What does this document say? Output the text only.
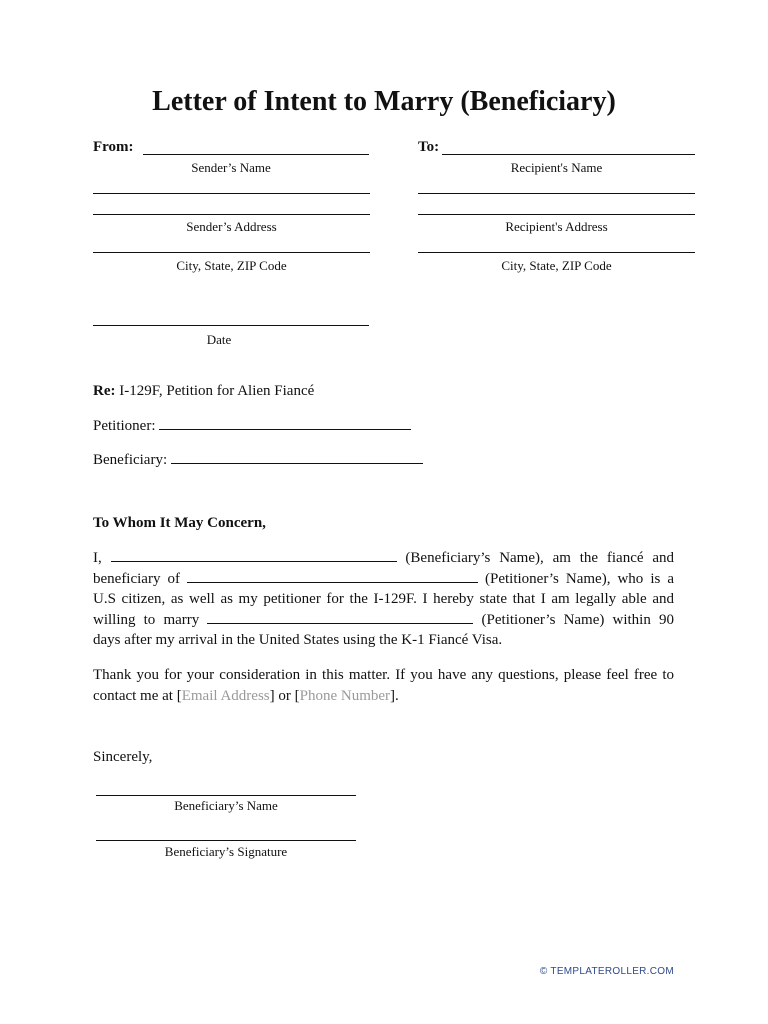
Letter of Intent to Marry (Beneficiary)
From:
Sender’s Name
To:
Recipient's Name
Sender’s Address	Recipient's Address
City, State, ZIP Code	City, State, ZIP Code
Date
Re: I-129F, Petition for Alien Fiancé
Petitioner:
Beneficiary:
To Whom It May Concern,
I,	(Beneficiary’s Name), am the fiancé and beneficiary of	(Petitioner’s Name), who is a U.S citizen, as well as my petitioner for the I-129F. I hereby state that I am legally able and willing to marry	(Petitioner’s Name) within 90 days after my arrival in the United States using the K-1 Fiancé Visa.
Thank you for your consideration in this matter. If you have any questions, please feel free to contact me at [Email Address] or [Phone Number].
Sincerely,
Beneficiary’s Name
Beneficiary’s Signature
© TEMPLATEROLLER.COM
